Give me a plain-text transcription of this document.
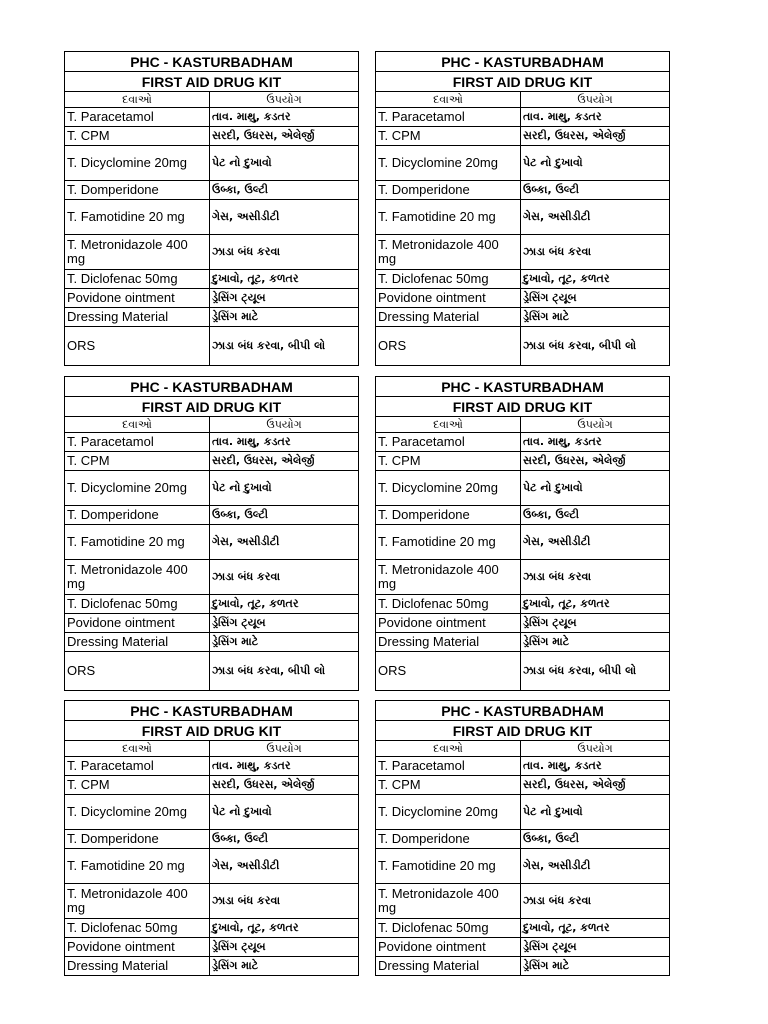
PHC - KASTURBADHAM	
FIRST AID DRUG KIT	
દવાઓ	ઉપયોગ
T. Paracetamol	તાવ. માથુ, કડતર
T. CPM	સરદી, ઉધરસ, એલેર્જી
T. Dicyclomine 20mg	પેટ નો દુખાવો
T. Domperidone	ઉબ્કા, ઉલ્ટી
T. Famotidine 20 mg	ગેસ, અસીડીટી
T. Metronidazole 400 mg	ઝાડા બંધ કરવા
T. Diclofenac 50mg	દુખાવો, તૂટ, કળતર
Povidone ointment	ડ્રેસિંગ ટ્યૂબ
Dressing Material	ડ્રેસિંગ માટે
ORS	ઝાડા બંધ કરવા, બીપી લો
PHC - KASTURBADHAM	
FIRST AID DRUG KIT	
દવાઓ	ઉપયોગ
T. Paracetamol	તાવ. માથુ, કડતર
T. CPM	સરદી, ઉધરસ, એલેર્જી
T. Dicyclomine 20mg	પેટ નો દુખાવો
T. Domperidone	ઉબ્કા, ઉલ્ટી
T. Famotidine 20 mg	ગેસ, અસીડીટી
T. Metronidazole 400 mg	ઝાડા બંધ કરવા
T. Diclofenac 50mg	દુખાવો, તૂટ, કળતર
Povidone ointment	ડ્રેસિંગ ટ્યૂબ
Dressing Material	ડ્રેસિંગ માટે
ORS	ઝાડા બંધ કરવા, બીપી લો
PHC - KASTURBADHAM	
FIRST AID DRUG KIT	
દવાઓ	ઉપયોગ
T. Paracetamol	તાવ. માથુ, કડતર
T. CPM	સરદી, ઉધરસ, એલેર્જી
T. Dicyclomine 20mg	પેટ નો દુખાવો
T. Domperidone	ઉબ્કા, ઉલ્ટી
T. Famotidine 20 mg	ગેસ, અસીડીટી
T. Metronidazole 400 mg	ઝાડા બંધ કરવા
T. Diclofenac 50mg	દુખાવો, તૂટ, કળતર
Povidone ointment	ડ્રેસિંગ ટ્યૂબ
Dressing Material	ડ્રેસિંગ માટે
ORS	ઝાડા બંધ કરવા, બીપી લો
PHC - KASTURBADHAM	
FIRST AID DRUG KIT	
દવાઓ	ઉપયોગ
T. Paracetamol	તાવ. માથુ, કડતર
T. CPM	સરદી, ઉધરસ, એલેર્જી
T. Dicyclomine 20mg	પેટ નો દુખાવો
T. Domperidone	ઉબ્કા, ઉલ્ટી
T. Famotidine 20 mg	ગેસ, અસીડીટી
T. Metronidazole 400 mg	ઝાડા બંધ કરવા
T. Diclofenac 50mg	દુખાવો, તૂટ, કળતર
Povidone ointment	ડ્રેસિંગ ટ્યૂબ
Dressing Material	ડ્રેસિંગ માટે
ORS	ઝાડા બંધ કરવા, બીપી લો
PHC - KASTURBADHAM	
FIRST AID DRUG KIT	
દવાઓ	ઉપયોગ
T. Paracetamol	તાવ. માથુ, કડતર
T. CPM	સરદી, ઉધરસ, એલેર્જી
T. Dicyclomine 20mg	પેટ નો દુખાવો
T. Domperidone	ઉબ્કા, ઉલ્ટી
T. Famotidine 20 mg	ગેસ, અસીડીટી
T. Metronidazole 400 mg	ઝાડા બંધ કરવા
T. Diclofenac 50mg	દુખાવો, તૂટ, કળતર
Povidone ointment	ડ્રેસિંગ ટ્યૂબ
Dressing Material	ડ્રેસિંગ માટે
PHC - KASTURBADHAM	
FIRST AID DRUG KIT	
દવાઓ	ઉપયોગ
T. Paracetamol	તાવ. માથુ, કડતર
T. CPM	સરદી, ઉધરસ, એલેર્જી
T. Dicyclomine 20mg	પેટ નો દુખાવો
T. Domperidone	ઉબ્કા, ઉલ્ટી
T. Famotidine 20 mg	ગેસ, અસીડીટી
T. Metronidazole 400 mg	ઝાડા બંધ કરવા
T. Diclofenac 50mg	દુખાવો, તૂટ, કળતર
Povidone ointment	ડ્રેસિંગ ટ્યૂબ
Dressing Material	ડ્રેસિંગ માટે
